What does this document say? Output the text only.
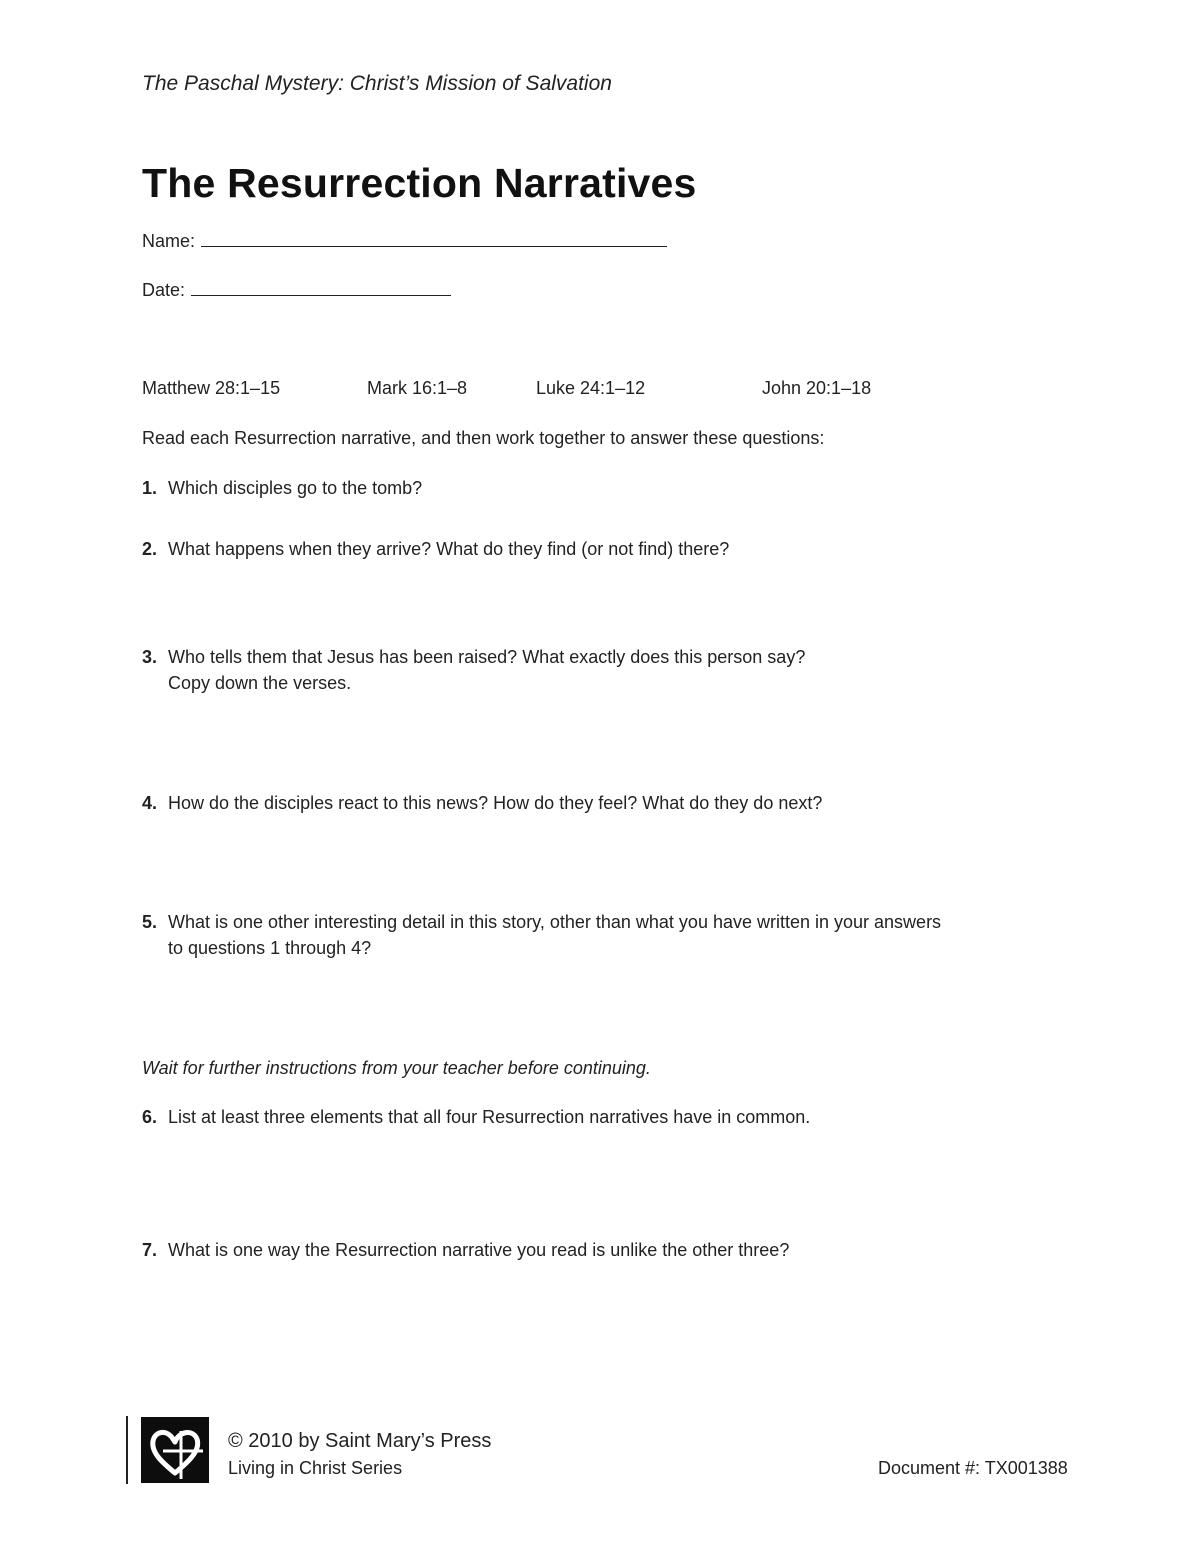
The Paschal Mystery: Christ’s Mission of Salvation
The Resurrection Narratives
Name:
Date:
Matthew 28:1–15	Mark 16:1–8	Luke 24:1–12	John 20:1–18
Read each Resurrection narrative, and then work together to answer these questions:
1. Which disciples go to the tomb?
2. What happens when they arrive? What do they find (or not find) there?
3. Who tells them that Jesus has been raised? What exactly does this person say?
Copy down the verses.
4. How do the disciples react to this news? How do they feel? What do they do next?
5. What is one other interesting detail in this story, other than what you have written in your answers
to questions 1 through 4?
Wait for further instructions from your teacher before continuing.
6. List at least three elements that all four Resurrection narratives have in common.
7. What is one way the Resurrection narrative you read is unlike the other three?
© 2010 by Saint Mary’s Press
Living in Christ Series	Document #: TX001388
